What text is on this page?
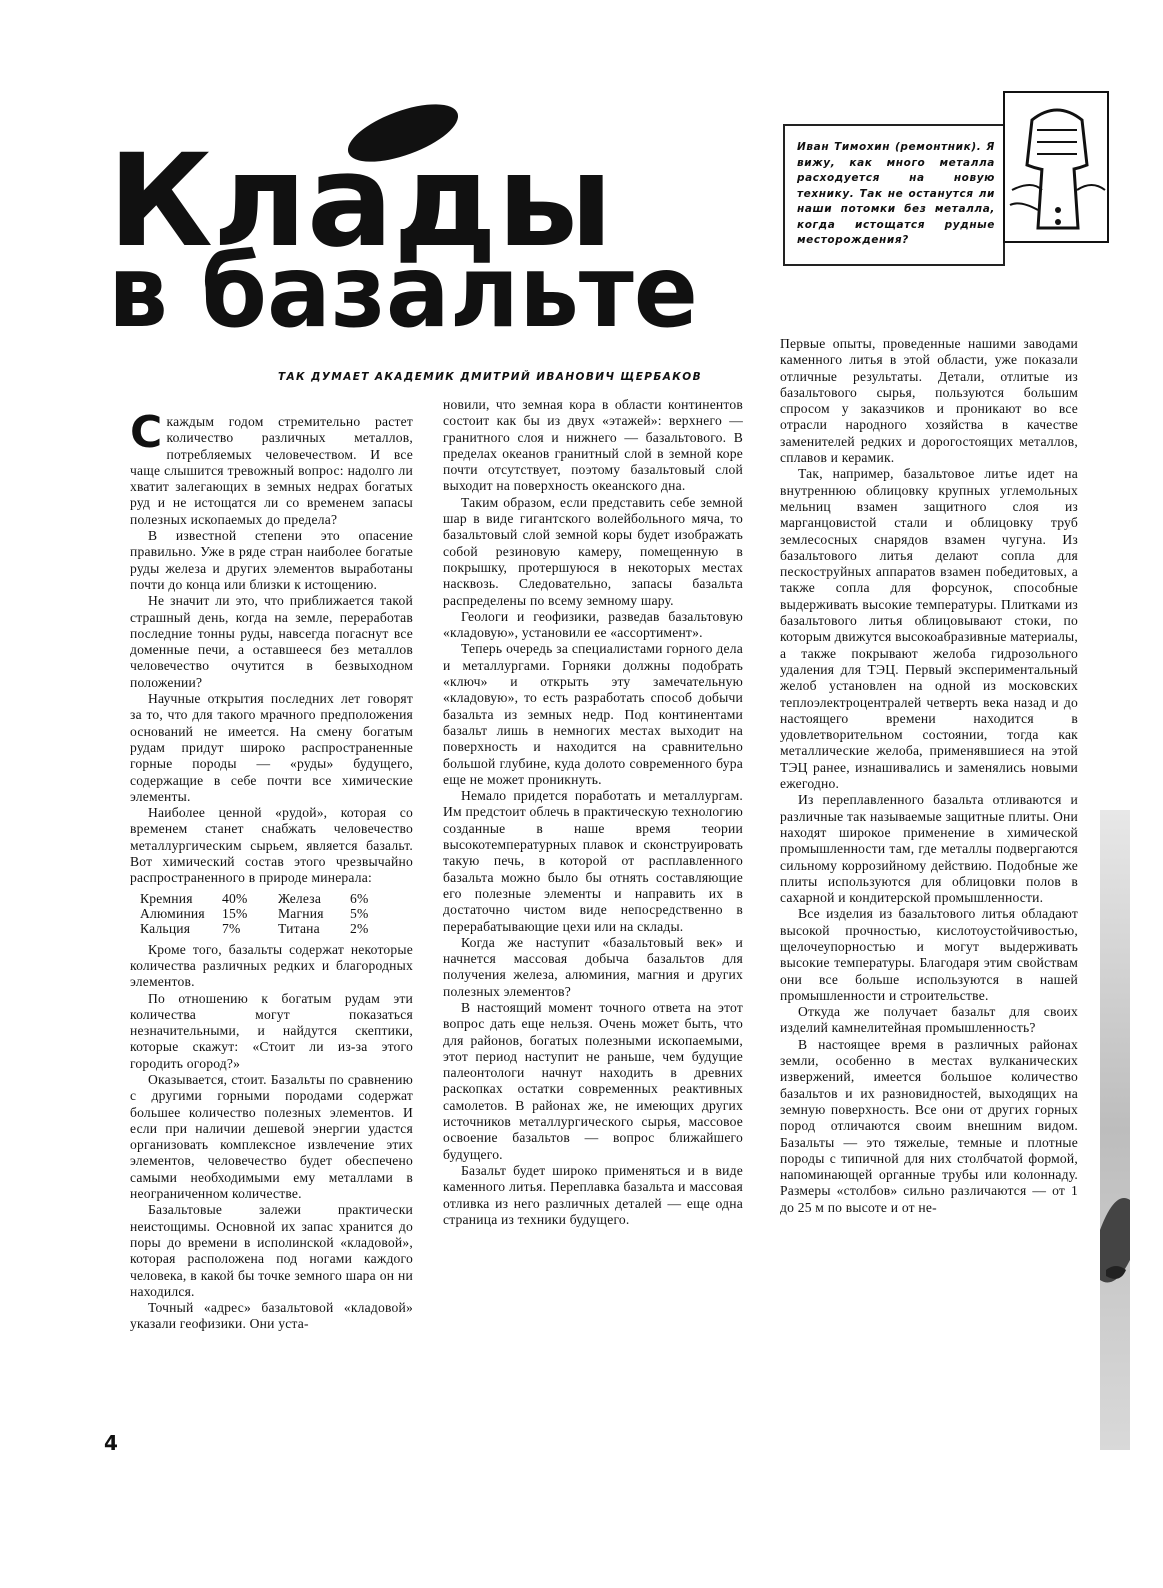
Клады
в базальте
Иван Тимохин (ремонтник). Я вижу, как много металла расходуется на новую технику. Так не останутся ли наши потомки без металла, когда истощатся рудные месторождения?
ТАК ДУМАЕТ АКАДЕМИК ДМИТРИЙ ИВАНОВИЧ ЩЕРБАКОВ

С каждым годом стремительно растет количество различных металлов, потребляемых человечеством. И все чаще слышится тревожный вопрос: надолго ли хватит залегающих в земных недрах богатых руд и не истощатся ли со временем запасы полезных ископаемых до предела?

В известной степени это опасение правильно. Уже в ряде стран наиболее богатые руды железа и других элементов выработаны почти до конца или близки к истощению.

Не значит ли это, что приближается такой страшный день, когда на земле, переработав последние тонны руды, навсегда погаснут все доменные печи, а оставшееся без металлов человечество очутится в безвыходном положении?

Научные открытия последних лет говорят за то, что для такого мрачного предположения оснований не имеется. На смену богатым рудам придут широко распространенные горные породы — «руды» будущего, содержащие в себе почти все химические элементы.

Наиболее ценной «рудой», которая со временем станет снабжать человечество металлургическим сырьем, является базальт. Вот химический состав этого чрезвычайно распространенного в природе минерала:

Кремния	40%	Железа	6%
Алюминия	15%	Магния	5%
Кальция	7%	Титана	2%

Кроме того, базальты содержат некоторые количества различных редких и благородных элементов.

По отношению к богатым рудам эти количества могут показаться незначительными, и найдутся скептики, которые скажут: «Стоит ли из-за этого городить огород?»

Оказывается, стоит. Базальты по сравнению с другими горными породами содержат большее количество полезных элементов. И если при наличии дешевой энергии удастся организовать комплексное извлечение этих элементов, человечество будет обеспечено самыми необходимыми ему металлами в неограниченном количестве.

Базальтовые залежи практически неистощимы. Основной их запас хранится до поры до времени в исполинской «кладовой», которая расположена под ногами каждого человека, в какой бы точке земного шара он ни находился.

Точный «адрес» базальтовой «кладовой» указали геофизики. Они уста-

новили, что земная кора в области континентов состоит как бы из двух «этажей»: верхнего — гранитного слоя и нижнего — базальтового. В пределах океанов гранитный слой в земной коре почти отсутствует, поэтому базальтовый слой выходит на поверхность океанского дна.

Таким образом, если представить себе земной шар в виде гигантского волейбольного мяча, то базальтовый слой земной коры будет изображать собой резиновую камеру, помещенную в покрышку, протершуюся в некоторых местах насквозь. Следовательно, запасы базальта распределены по всему земному шару.

Геологи и геофизики, разведав базальтовую «кладовую», установили ее «ассортимент».

Теперь очередь за специалистами горного дела и металлургами. Горняки должны подобрать «ключ» и открыть эту замечательную «кладовую», то есть разработать способ добычи базальта из земных недр. Под континентами базальт лишь в немногих местах выходит на поверхность и находится на сравнительно большой глубине, куда долото современного бура еще не может проникнуть.

Немало придется поработать и металлургам. Им предстоит облечь в практическую технологию созданные в наше время теории высокотемпературных плавок и сконструировать такую печь, в которой от расплавленного базальта можно было бы отнять составляющие его полезные элементы и направить их в достаточно чистом виде непосредственно в перерабатывающие цехи или на склады.

Когда же наступит «базальтовый век» и начнется массовая добыча базальтов для получения железа, алюминия, магния и других полезных элементов?

В настоящий момент точного ответа на этот вопрос дать еще нельзя. Очень может быть, что для районов, богатых полезными ископаемыми, этот период наступит не раньше, чем будущие палеонтологи начнут находить в древних раскопках остатки современных реактивных самолетов. В районах же, не имеющих других источников металлургического сырья, массовое освоение базальтов — вопрос ближайшего будущего.

Базальт будет широко применяться и в виде каменного литья. Переплавка базальта и массовая отливка из него различных деталей — еще одна страница из техники будущего.

Первые опыты, проведенные нашими заводами каменного литья в этой области, уже показали отличные результаты. Детали, отлитые из базальтового сырья, пользуются большим спросом у заказчиков и проникают во все отрасли народного хозяйства в качестве заменителей редких и дорогостоящих металлов, сплавов и керамик.

Так, например, базальтовое литье идет на внутреннюю облицовку крупных углемольных мельниц взамен защитного слоя из марганцовистой стали и облицовку труб землесосных снарядов взамен чугуна. Из базальтового литья делают сопла для пескоструйных аппаратов взамен победитовых, а также сопла для форсунок, способные выдерживать высокие температуры. Плитками из базальтового литья облицовывают стоки, по которым движутся высокоабразивные материалы, а также покрывают желоба гидрозольного удаления для ТЭЦ. Первый экспериментальный желоб установлен на одной из московских теплоэлектроцентралей четверть века назад и до настоящего времени находится в удовлетворительном состоянии, тогда как металлические желоба, применявшиеся на этой ТЭЦ ранее, изнашивались и заменялись новыми ежегодно.

Из переплавленного базальта отливаются и различные так называемые защитные плиты. Они находят широкое применение в химической промышленности там, где металлы подвергаются сильному коррозийному действию. Подобные же плиты используются для облицовки полов в сахарной и кондитерской промышленности.

Все изделия из базальтового литья обладают высокой прочностью, кислотоустойчивостью, щелочеупорностью и могут выдерживать высокие температуры. Благодаря этим свойствам они все больше используются в нашей промышленности и строительстве.

Откуда же получает базальт для своих изделий камнелитейная промышленность?

В настоящее время в различных районах земли, особенно в местах вулканических извержений, имеется большое количество базальтов и их разновидностей, выходящих на земную поверхность. Все они от других горных пород отличаются своим внешним видом. Базальты — это тяжелые, темные и плотные породы с типичной для них столбчатой формой, напоминающей органные трубы или колоннаду. Размеры «столбов» сильно различаются — от 1 до 25 м по высоте и от не-

4
